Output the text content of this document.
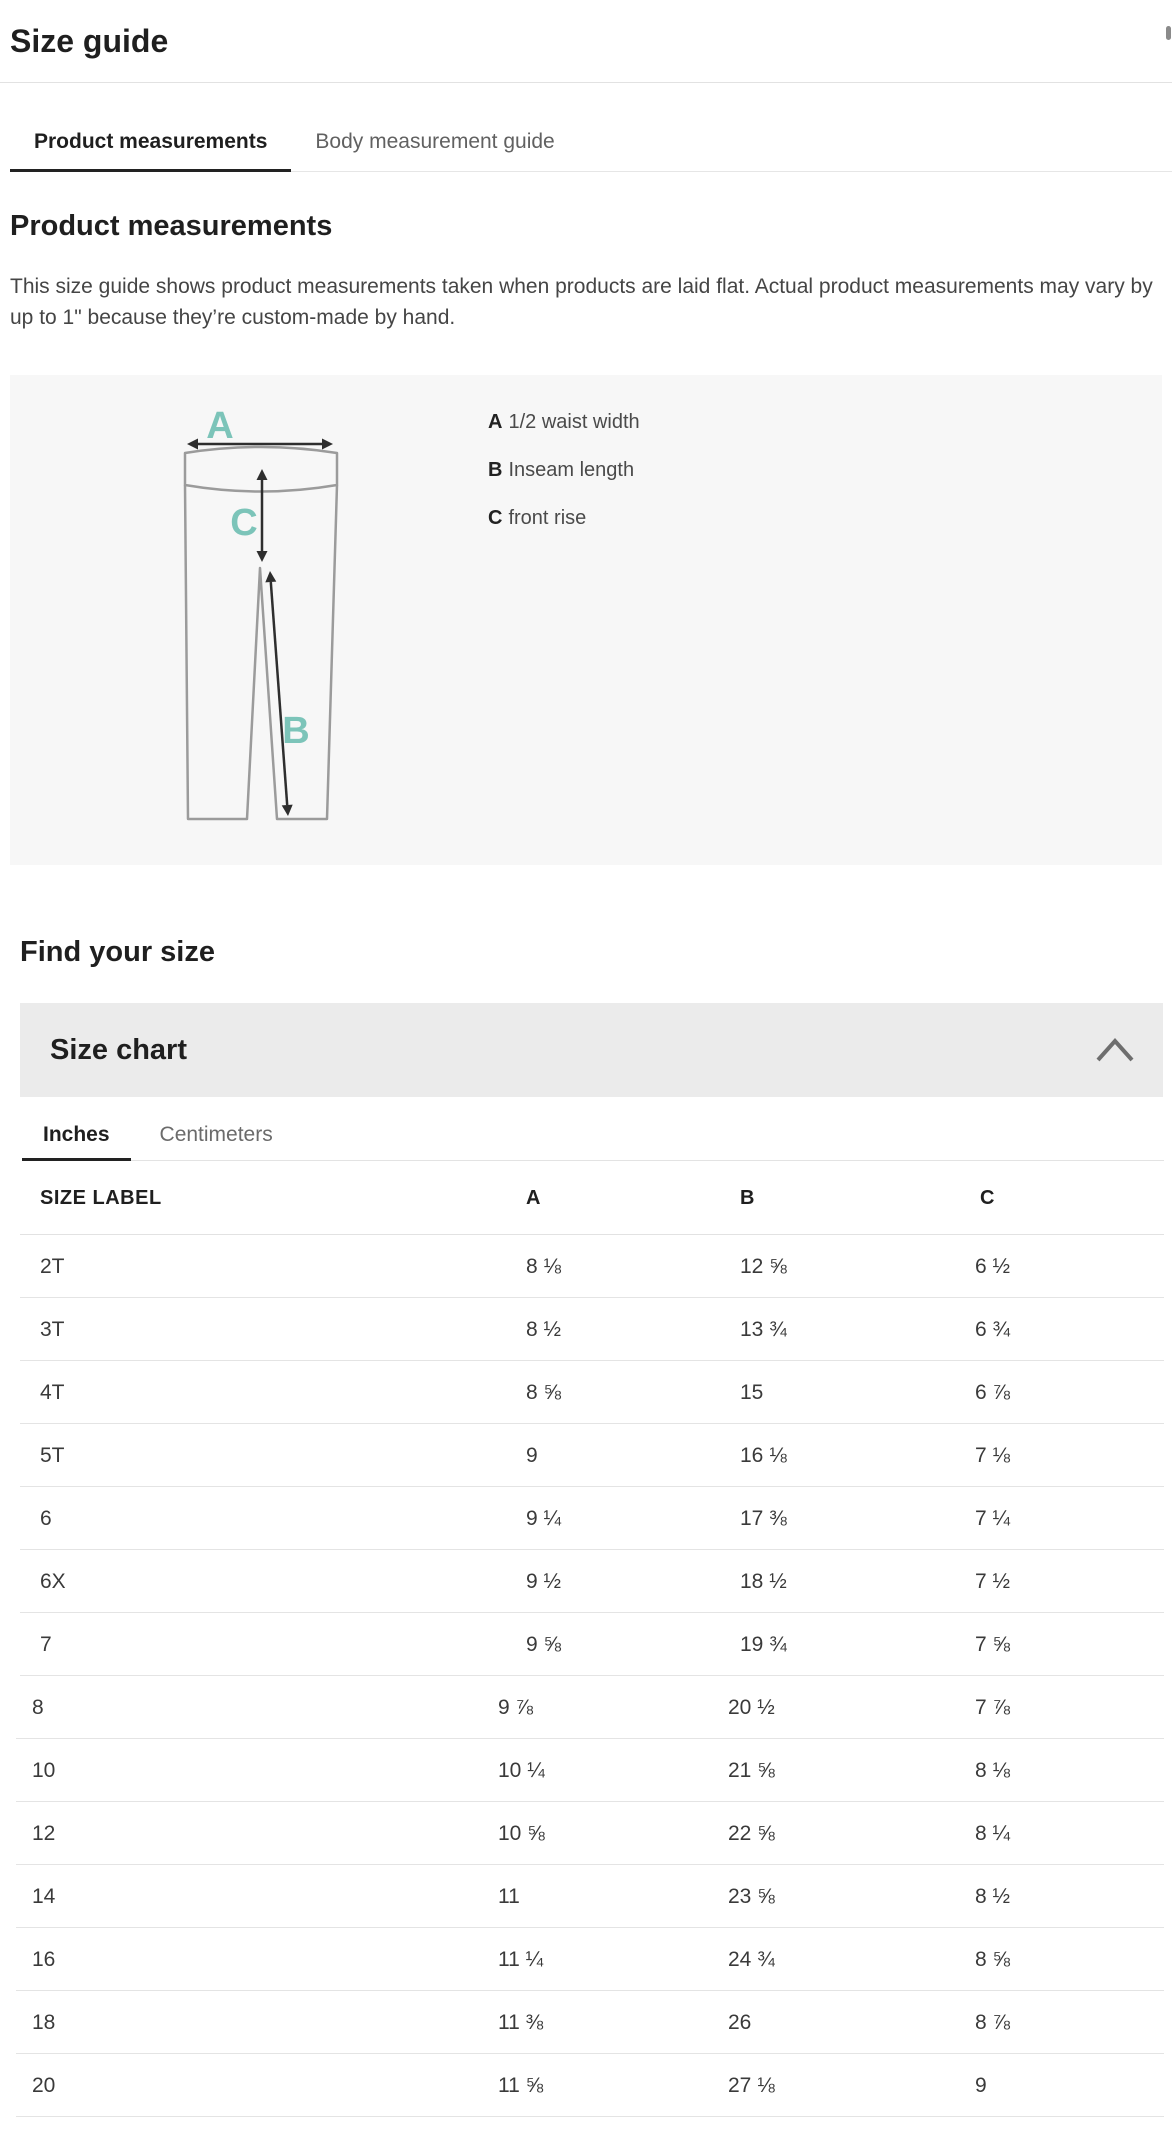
Size guide
Product measurements	Body measurement guide
Product measurements

This size guide shows product measurements taken when products are laid flat. Actual product measurements may vary by up to 1" because they’re custom-made by hand.

A
C
B
A 1/2 waist width
B Inseam length
C front rise
Find your size
Size chart
Inches	Centimeters
SIZE LABEL	A	B	C
2T	8 ⅛	12 ⅝	6 ½
3T	8 ½	13 ¾	6 ¾
4T	8 ⅝	15	6 ⅞
5T	9	16 ⅛	7 ⅛
6	9 ¼	17 ⅜	7 ¼
6X	9 ½	18 ½	7 ½
7	9 ⅝	19 ¾	7 ⅝
8	9 ⅞	20 ½	7 ⅞
10	10 ¼	21 ⅝	8 ⅛
12	10 ⅝	22 ⅝	8 ¼
14	11	23 ⅝	8 ½
16	11 ¼	24 ¾	8 ⅝
18	11 ⅜	26	8 ⅞
20	11 ⅝	27 ⅛	9
